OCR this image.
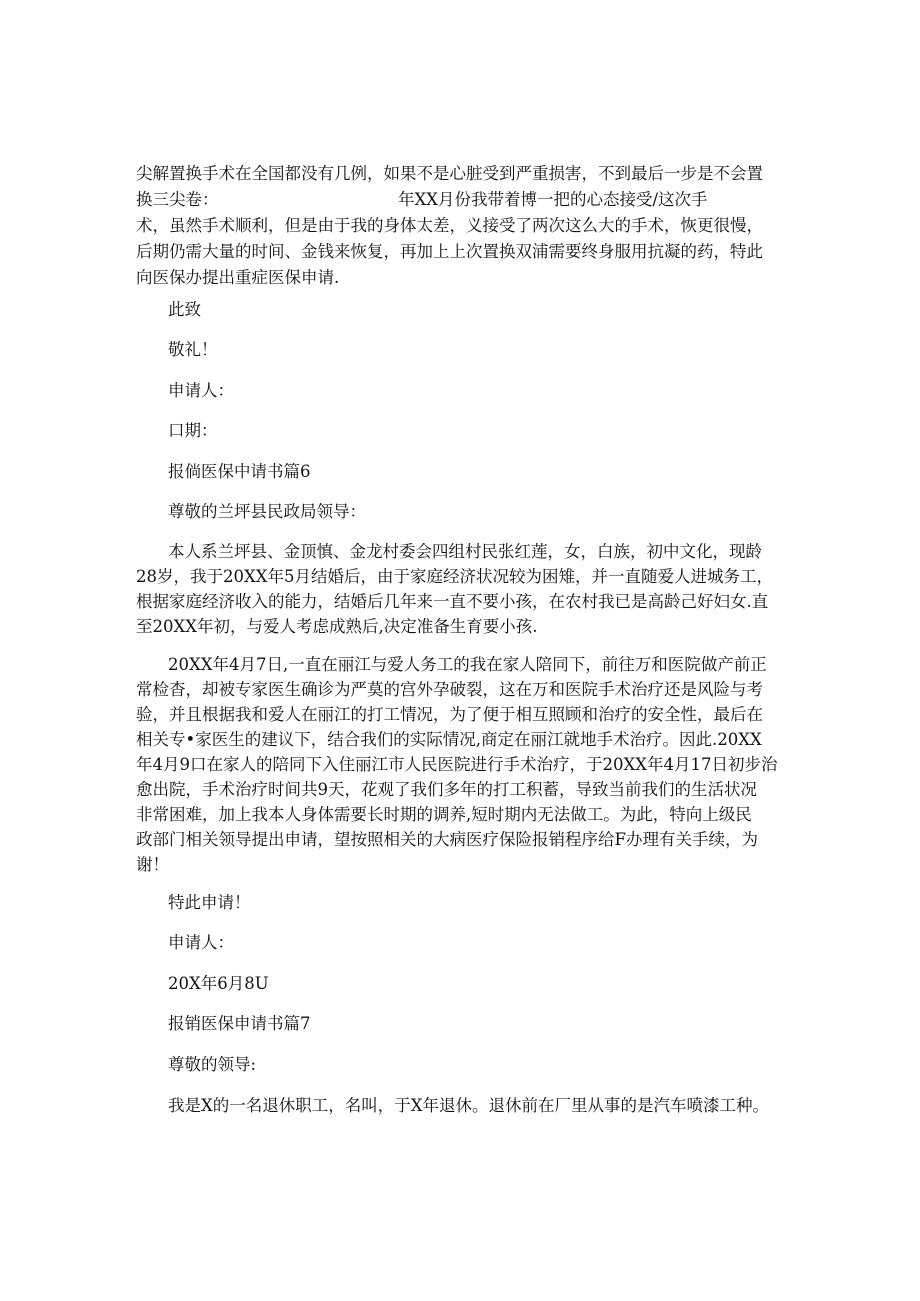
尖解置换手术在全国都没有几例，如果不是心脏受到严重损害，不到最后一步是不会置
换三尖卷：	年XX月份我带着博一把的心态接受/这次手
术，虽然手术顺利，但是由于我的身体太差，义接受了两次这么大的手术，恢更很慢，
后期仍需大量的时间、金钱来恢复，再加上上次置换双浦需要终身服用抗凝的药，特此
向医保办提出重症医保申请.
此致
敬礼！
申请人：
口期：
报倘医保中请书篇6
尊敬的兰坪县民政局领导：
本人系兰坪县、金顶慎、金龙村委会四组村民张红莲，女，白族，初中文化，现龄
28岁，我于20XX年5月结婚后，由于家庭经济状况较为困雉，并一直随爱人进城务工，
根据家庭经济收入的能力，结婚后几年来一直不要小孩，在农村我已是高龄己好妇女.直
至20XX年初，与爱人考虑成熟后,决定准备生育要小孩.
20XX年4月7日,一直在丽江与爱人务工的我在家人陪同下，前往万和医院做产前正
常检杳，却被专家医生确诊为严莫的宫外孕破裂，这在万和医院手术治疗还是风险与考
验，并且根据我和爱人在丽江的打工情况，为了便于相互照顾和治疗的安全性，最后在
相关专•家医生的建议下，结合我们的实际情况,商定在丽江就地手术治疗。因此.20XX
年4月9口在家人的陪同下入住丽江市人民医院进行手术治疗，于20XX年4月17日初步治
愈出院，手术治疗时间共9天，花观了我们多年的打工积蓄，导致当前我们的生活状况
非常困难，加上我本人身体需要长时期的调养,短时期内无法做工。为此，特向上级民
政部门相关领导提出申请，望按照相关的大病医疗保险报销程序给F办理有关手续，为
谢！
特此申请！
申请人：
20X年6月8U
报销医保申请书篇7
尊敬的领导:
我是X的一名退休职工，名叫，于X年退休。退休前在厂里从事的是汽车喷漆工种。
